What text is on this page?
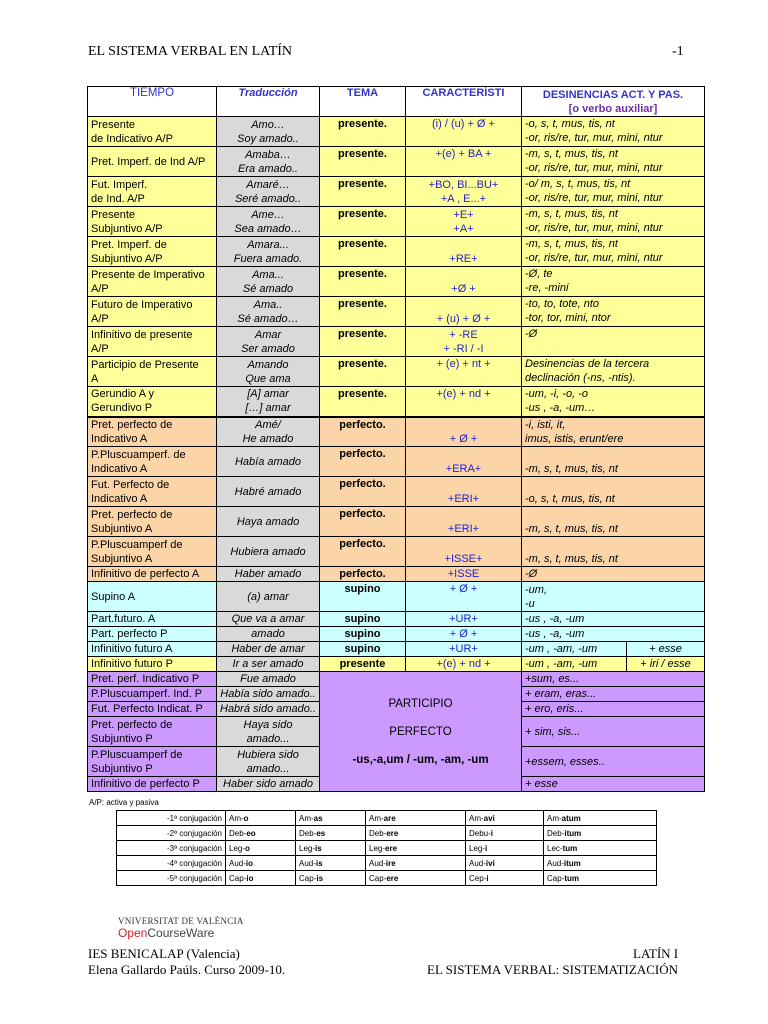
EL SISTEMA VERBAL EN LATÍN	-1
TIEMPO	Traducción	TEMA	CARACTERÍSTI	DESINENCIAS ACT. Y PAS.
[o verbo auxiliar]

Presente
de Indicativo A/P	Amo…
Soy amado..	presente.	(i) / (u) + Ø +	-o, s, t, mus, tis, nt
-or, ris/re, tur, mur, mini, ntur

Pret. Imperf. de Ind A/P	Amaba…
Era amado..	presente.	+(e) + BA +	-m, s, t, mus, tis, nt
-or, ris/re, tur, mur, mini, ntur

Fut. Imperf.
de Ind. A/P	Amaré…
Seré amado..	presente.	+BO, BI...BU+
+A , E...+	-o/ m, s, t, mus, tis, nt
-or, ris/re, tur, mur, mini, ntur

Presente
Subjuntivo A/P	Ame…
Sea amado…	presente.	+E+
+A+	-m, s, t, mus, tis, nt
-or, ris/re, tur, mur, mini, ntur

Pret. Imperf. de
Subjuntivo A/P	Amara...
Fuera amado.	presente.	+RE+	-m, s, t, mus, tis, nt
-or, ris/re, tur, mur, mini, ntur

Presente de Imperativo
A/P	Ama...
Sé amado	presente.	+Ø +	-Ø, te
-re, -mini

Futuro de Imperativo
A/P	Ama..
Sé amado…	presente.	+ (u) + Ø +	-to, to, tote, nto
-tor, tor, mini, ntor

Infinitivo de presente
A/P	Amar
Ser amado	presente.	+ -RE
+ -RI / -I	-Ø

Participio de Presente
A	Amando
Que ama	presente.	+ (e) + nt +	Desinencias de la tercera
declinación (-ns, -ntis).

Gerundio A y
Gerundivo P	[A] amar
[…] amar	presente.	+(e) + nd +	-um, -i, -o, -o
-us , -a, -um…

Pret. perfecto de
Indicativo A	Amé/
He amado	perfecto.	+ Ø +	-i, isti, it,
imus, istis, erunt/ere

P.Pluscuamperf. de
Indicativo A	Había amado	perfecto.	+ERA+	-m, s, t, mus, tis, nt

Fut. Perfecto de
Indicativo A	Habré amado	perfecto.	+ERI+	-o, s, t, mus, tis, nt

Pret. perfecto de
Subjuntivo A	Haya amado	perfecto.	+ERI+	-m, s, t, mus, tis, nt

P.Pluscuamperf de
Subjuntivo A	Hubiera amado	perfecto.	+ISSE+	-m, s, t, mus, tis, nt

Infinitivo de perfecto A	Haber amado	perfecto.	+ISSE	-Ø

Supino A	(a) amar	supino	+ Ø +	-um,
-u

Part.futuro. A	Que va a amar	supino	+UR+	-us , -a, -um

Part. perfecto P	amado	supino	+ Ø +	-us , -a, -um

Infinitivo futuro A	Haber de amar	supino	+UR+	-um , -am, -um + esse

Infinitivo futuro P	Ir a ser amado	presente	+(e) + nd +	-um , -am, -um + iri / esse

Pret. perf. Indicativo P	Fue amado	PARTICIPIO
PERFECTO
-us,-a,um / -um, -am, -um		+sum, es...

P.Pluscuamperf. Ind. P	Había sido amado..			+ eram, eras...

Fut. Perfecto Indicat. P	Habrá sido amado..			+ ero, eris...

Pret. perfecto de
Subjuntivo P	Haya sido
amado...			+ sim, sis...

P.Pluscuamperf de
Subjuntivo P	Hubiera sido
amado...			+essem, esses..

Infinitivo de perfecto P	Haber sido amado			+ esse
A/P: activa y pasiva
-1ª conjugación	Am-o	Am-as	Am-are	Am-avi	Am-atum
-2ª conjugación	Deb-eo	Deb-es	Deb-ere	Debu-i	Deb-itum
-3ª conjugación	Leg-o	Leg-is	Leg-ere	Leg-i	Lec-tum
-4ª conjugación	Aud-io	Aud-is	Aud-ire	Aud-ivi	Aud-itum
-5ª conjugación	Cap-io	Cap-is	Cap-ere	Cep-i	Cap-tum
VNIVERSITAT DE VALÈNCIA
OpenCourseWare
IES BENICALAP (Valencia)
Elena Gallardo Paúls. Curso 2009-10.
LATÍN I
EL SISTEMA VERBAL: SISTEMATIZACIÓN
